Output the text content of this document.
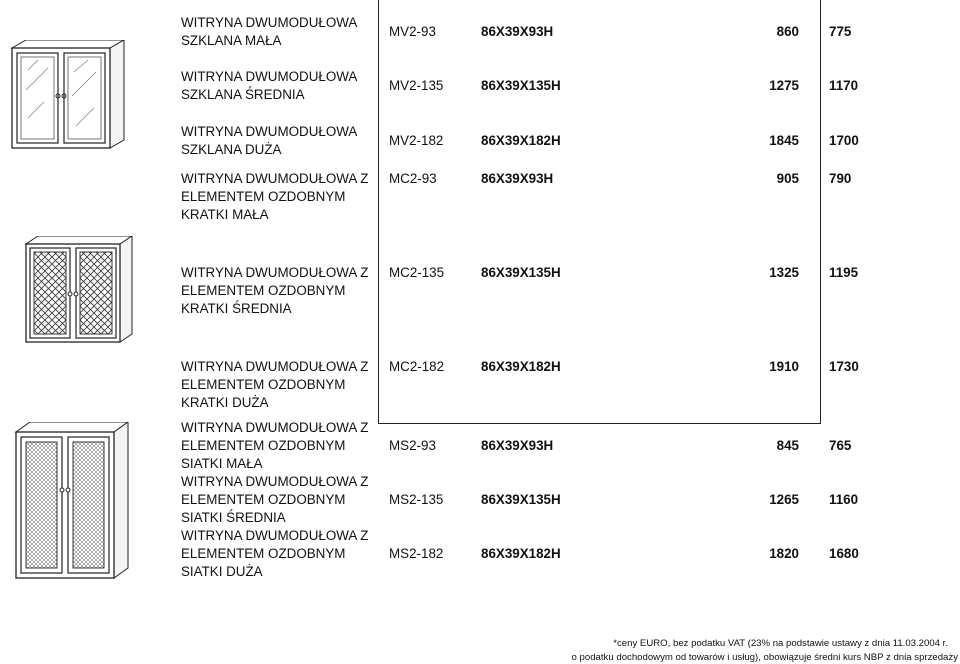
WITRYNA DWUMODUŁOWA
SZKLANA MAŁA
MV2-93	86X39X93H	860 775
WITRYNA DWUMODUŁOWA
SZKLANA ŚREDNIA
MV2-135	86X39X135H	1275 1170
WITRYNA DWUMODUŁOWA
SZKLANA DUŻA
MV2-182	86X39X182H	1845 1700
WITRYNA DWUMODUŁOWA Z
ELEMENTEM OZDOBNYM
KRATKI MAŁA
MC2-93	86X39X93H	905 790
WITRYNA DWUMODUŁOWA Z
ELEMENTEM OZDOBNYM
KRATKI ŚREDNIA
MC2-135	86X39X135H	1325 1195
WITRYNA DWUMODUŁOWA Z
ELEMENTEM OZDOBNYM
KRATKI DUŻA
MC2-182	86X39X182H	1910 1730
WITRYNA DWUMODUŁOWA Z
ELEMENTEM OZDOBNYM
SIATKI MAŁA
MS2-93	86X39X93H	845 765
WITRYNA DWUMODUŁOWA Z
ELEMENTEM OZDOBNYM
SIATKI ŚREDNIA
MS2-135	86X39X135H	1265 1160
WITRYNA DWUMODUŁOWA Z
ELEMENTEM OZDOBNYM
SIATKI DUŻA
MS2-182	86X39X182H	1820 1680
*ceny EURO, bez podatku VAT (23% na podstawie ustawy z dnia 11.03.2004 r.
o podatku dochodowym od towarów i usług), obowiązuje średni kurs NBP z dnia sprzedaży
